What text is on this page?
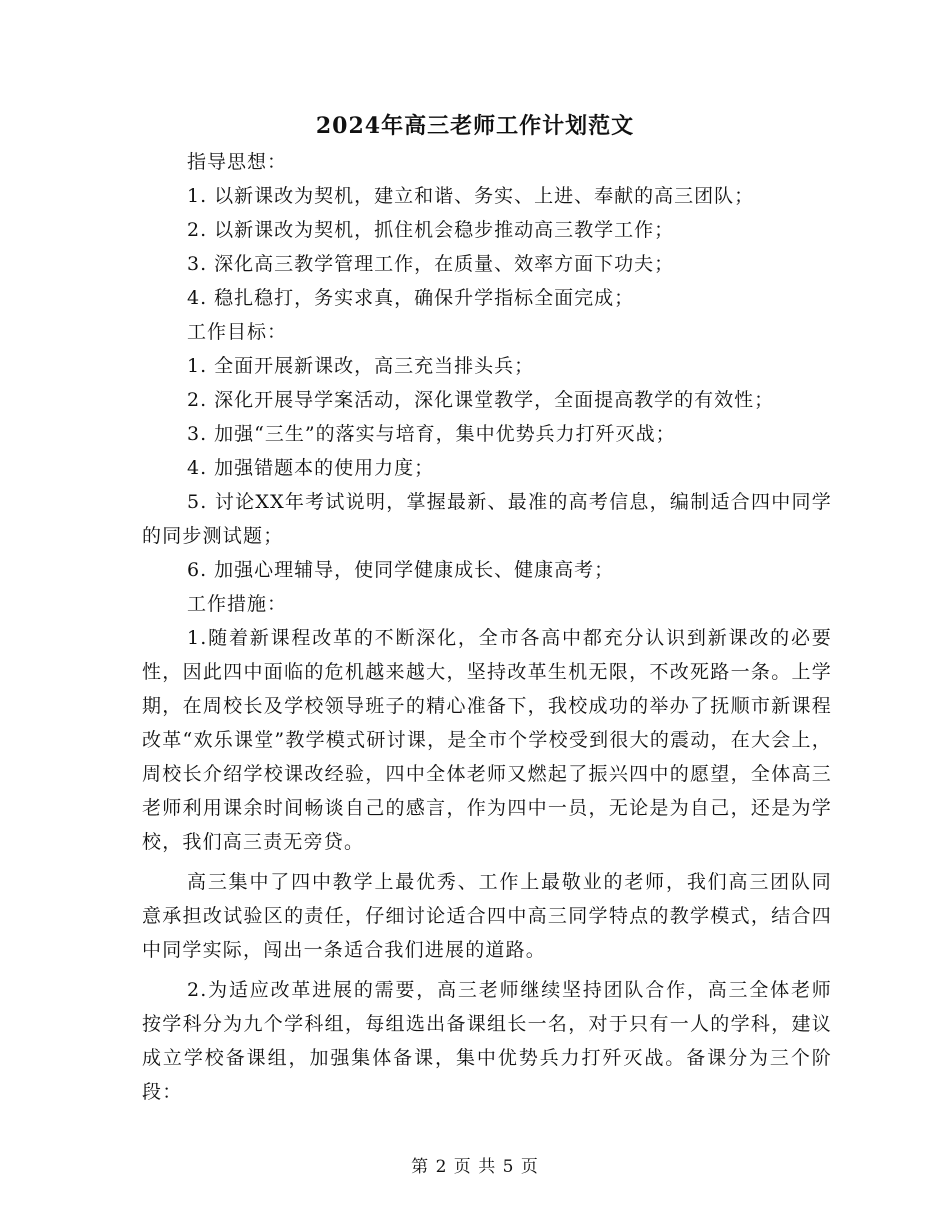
2024年高三老师工作计划范文
指导思想：
1. 以新课改为契机，建立和谐、务实、上进、奉献的高三团队；
2. 以新课改为契机，抓住机会稳步推动高三教学工作；
3. 深化高三教学管理工作，在质量、效率方面下功夫；
4. 稳扎稳打，务实求真，确保升学指标全面完成；
工作目标：
1. 全面开展新课改，高三充当排头兵；
2. 深化开展导学案活动，深化课堂教学，全面提高教学的有效性；
3. 加强“三生”的落实与培育，集中优势兵力打歼灭战；
4. 加强错题本的使用力度；
5. 讨论XX年考试说明，掌握最新、最准的高考信息，编制适合四中同学的同步测试题；
6. 加强心理辅导，使同学健康成长、健康高考；
工作措施：
1.随着新课程改革的不断深化，全市各高中都充分认识到新课改的必要性，因此四中面临的危机越来越大，坚持改革生机无限，不改死路一条。上学期，在周校长及学校领导班子的精心准备下，我校成功的举办了抚顺市新课程改革“欢乐课堂”教学模式研讨课，是全市个学校受到很大的震动，在大会上，周校长介绍学校课改经验，四中全体老师又燃起了振兴四中的愿望，全体高三老师利用课余时间畅谈自己的感言，作为四中一员，无论是为自己，还是为学校，我们高三责无旁贷。
高三集中了四中教学上最优秀、工作上最敬业的老师，我们高三团队同意承担改试验区的责任，仔细讨论适合四中高三同学特点的教学模式，结合四中同学实际，闯出一条适合我们进展的道路。
2.为适应改革进展的需要，高三老师继续坚持团队合作，高三全体老师按学科分为九个学科组，每组选出备课组长一名，对于只有一人的学科，建议成立学校备课组，加强集体备课，集中优势兵力打歼灭战。备课分为三个阶段：
第 2 页 共 5 页
